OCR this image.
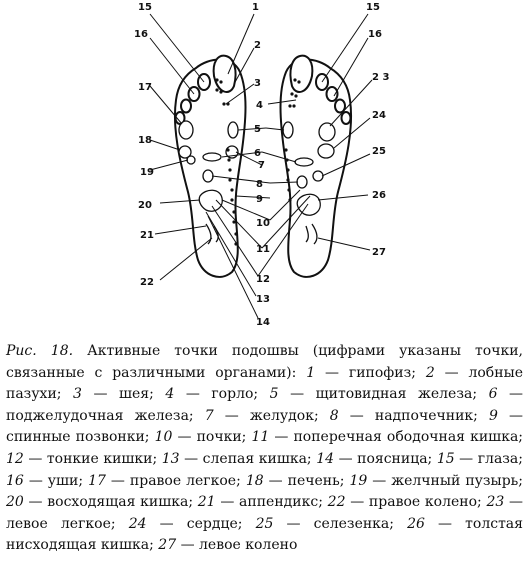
1
2
3
4
5
6
7
8
9
10
11
12
13
14
15
16
17
18
19
20
21
22
15
16
2 3
24
25
26
27

Рис. 18. Активные точки подошвы (цифрами указаны точки, связанные с различными органами): 1 — гипофиз; 2 — лобные пазухи; 3 — шея; 4 — горло; 5 — щитовидная железа; 6 — поджелудочная железа; 7 — желудок; 8 — надпочечник; 9 — спинные позвонки; 10 — почки; 11 — поперечная ободочная кишка; 12 — тонкие кишки; 13 — слепая кишка; 14 — поясница; 15 — глаза; 16 — уши; 17 — правое легкое; 18 — печень; 19 — желчный пузырь; 20 — восходящая кишка; 21 — аппендикс; 22 — правое колено; 23 — левое легкое; 24 — сердце; 25 — селезенка; 26 — толстая нисходящая кишка; 27 — левое колено
